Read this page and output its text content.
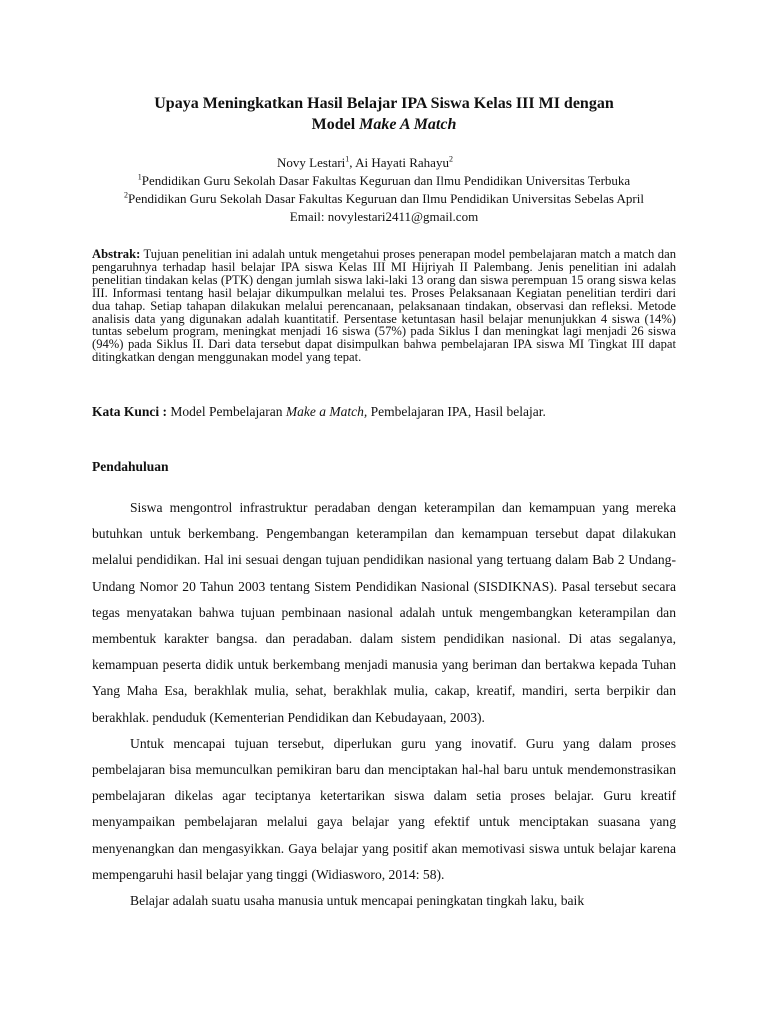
Upaya Meningkatkan Hasil Belajar IPA Siswa Kelas III MI dengan
Model Make A Match
Novy Lestari$^1$, Ai Hayati Rahayu$^2$
$^1$Pendidikan Guru Sekolah Dasar Fakultas Keguruan dan Ilmu Pendidikan Universitas Terbuka
$^2$Pendidikan Guru Sekolah Dasar Fakultas Keguruan dan Ilmu Pendidikan Universitas Sebelas April
Email: novylestari2411@gmail.com
Abstrak: Tujuan penelitian ini adalah untuk mengetahui proses penerapan model pembelajaran match a match dan pengaruhnya terhadap hasil belajar IPA siswa Kelas III MI Hijriyah II Palembang. Jenis penelitian ini adalah penelitian tindakan kelas (PTK) dengan jumlah siswa laki-laki 13 orang dan siswa perempuan 15 orang siswa kelas III. Informasi tentang hasil belajar dikumpulkan melalui tes. Proses Pelaksanaan Kegiatan penelitian terdiri dari dua tahap. Setiap tahapan dilakukan melalui perencanaan, pelaksanaan tindakan, observasi dan refleksi. Metode analisis data yang digunakan adalah kuantitatif. Persentase ketuntasan hasil belajar menunjukkan 4 siswa (14%) tuntas sebelum program, meningkat menjadi 16 siswa (57%) pada Siklus I dan meningkat lagi menjadi 26 siswa (94%) pada Siklus II. Dari data tersebut dapat disimpulkan bahwa pembelajaran IPA siswa MI Tingkat III dapat ditingkatkan dengan menggunakan model yang tepat.
Kata Kunci : Model Pembelajaran Make a Match, Pembelajaran IPA, Hasil belajar.
Pendahuluan

Siswa mengontrol infrastruktur peradaban dengan keterampilan dan kemampuan yang mereka butuhkan untuk berkembang. Pengembangan keterampilan dan kemampuan tersebut dapat dilakukan melalui pendidikan. Hal ini sesuai dengan tujuan pendidikan nasional yang tertuang dalam Bab 2 Undang-Undang Nomor 20 Tahun 2003 tentang Sistem Pendidikan Nasional (SISDIKNAS). Pasal tersebut secara tegas menyatakan bahwa tujuan pembinaan nasional adalah untuk mengembangkan keterampilan dan membentuk karakter bangsa. dan peradaban. dalam sistem pendidikan nasional. Di atas segalanya, kemampuan peserta didik untuk berkembang menjadi manusia yang beriman dan bertakwa kepada Tuhan Yang Maha Esa, berakhlak mulia, sehat, berakhlak mulia, cakap, kreatif, mandiri, serta berpikir dan berakhlak. penduduk (Kementerian Pendidikan dan Kebudayaan, 2003).

Untuk mencapai tujuan tersebut, diperlukan guru yang inovatif. Guru yang dalam proses pembelajaran bisa memunculkan pemikiran baru dan menciptakan hal-hal baru untuk mendemonstrasikan pembelajaran dikelas agar teciptanya ketertarikan siswa dalam setia proses belajar. Guru kreatif menyampaikan pembelajaran melalui gaya belajar yang efektif untuk menciptakan suasana yang menyenangkan dan mengasyikkan. Gaya belajar yang positif akan memotivasi siswa untuk belajar karena mempengaruhi hasil belajar yang tinggi (Widiasworo, 2014: 58).

Belajar adalah suatu usaha manusia untuk mencapai peningkatan tingkah laku, baik
